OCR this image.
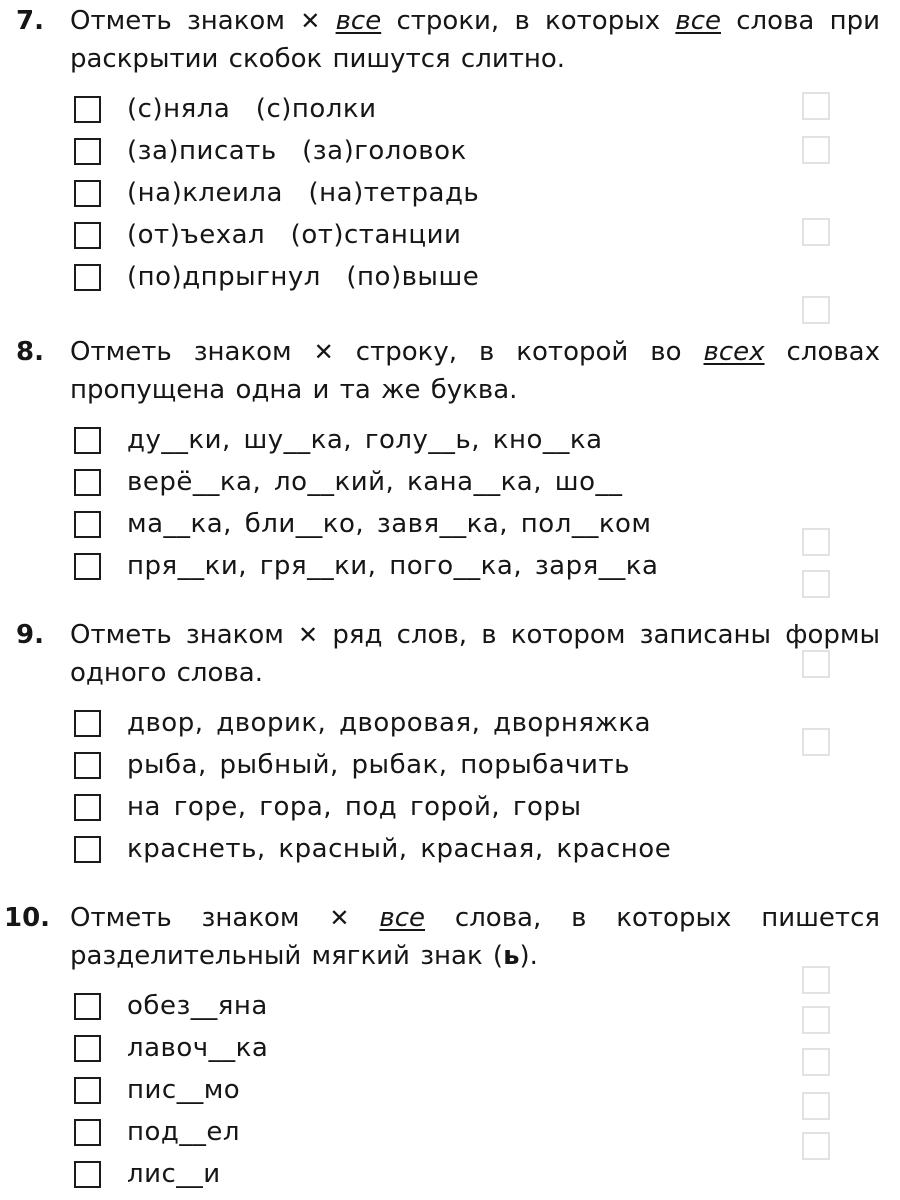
7. Отметь знаком ✕ все строки, в которых все слова при раскрытии скобок пишутся слитно.

(с)няла  (с)полки
(за)писать  (за)головок
(на)клеила  (на)тетрадь
(от)ъехал  (от)станции
(по)дпрыгнул  (по)выше

8. Отметь знаком ✕ строку, в которой во всех словах пропущена одна и та же буква.

ду__ки, шу__ка, голу__ь, кно__ка
верё__ка, ло__кий, кана__ка, шо__
ма__ка, бли__ко, завя__ка, пол__ком
пря__ки, гря__ки, пого__ка, заря__ка

9. Отметь знаком ✕ ряд слов, в котором записаны формы одного слова.

двор, дворик, дворовая, дворняжка
рыба, рыбный, рыбак, порыбачить
на горе, гора, под горой, горы
краснеть, красный, красная, красное

10. Отметь знаком ✕ все слова, в которых пишется разделительный мягкий знак (ь).

обез__яна
лавоч__ка
пис__мо
под__ел
лис__и
